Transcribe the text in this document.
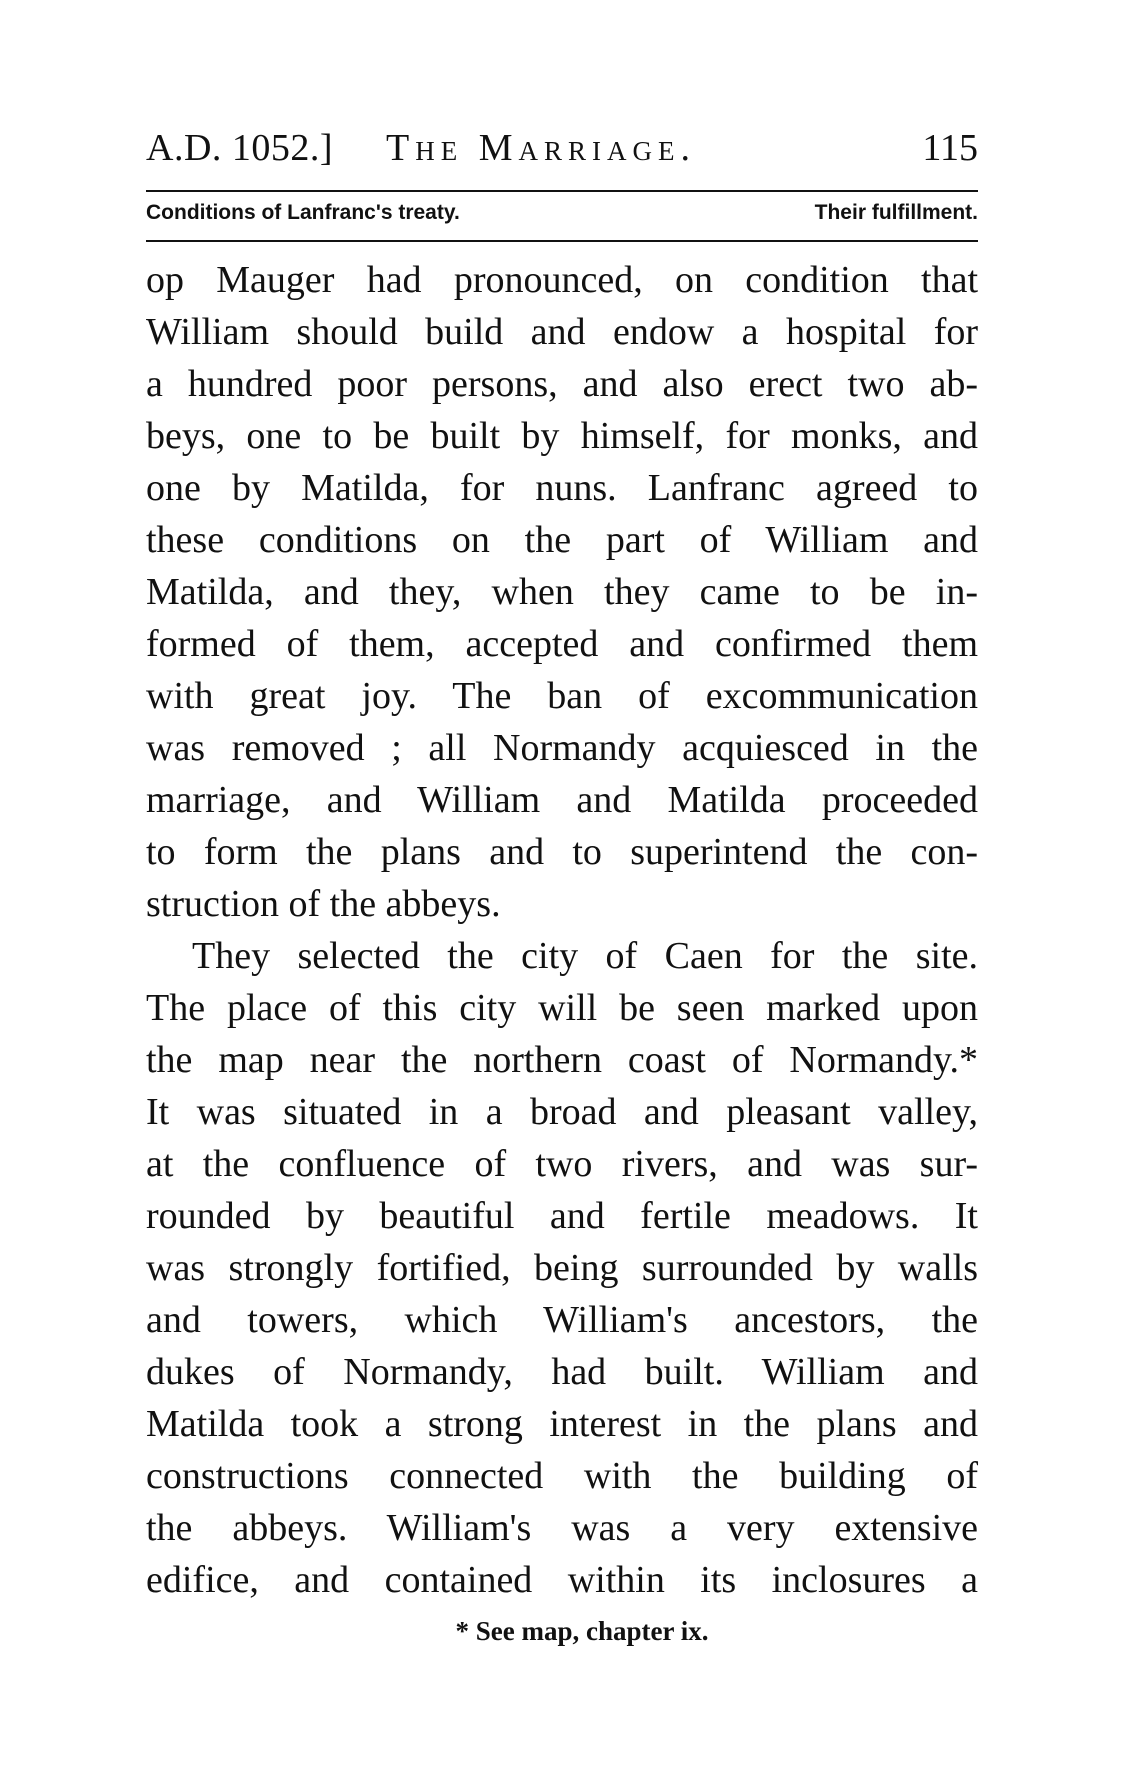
A.D. 1052.] The Marriage.	115
Conditions of Lanfranc's treaty.	Their fulfillment.
op Mauger had pronounced, on condition that
William should build and endow a hospital for
a hundred poor persons, and also erect two ab-
beys, one to be built by himself, for monks, and
one by Matilda, for nuns. Lanfranc agreed to
these conditions on the part of William and
Matilda, and they, when they came to be in-
formed of them, accepted and confirmed them
with great joy. The ban of excommunication
was removed ; all Normandy acquiesced in the
marriage, and William and Matilda proceeded
to form the plans and to superintend the con-
struction of the abbeys.
They selected the city of Caen for the site.
The place of this city will be seen marked upon
the map near the northern coast of Normandy.*
It was situated in a broad and pleasant valley,
at the confluence of two rivers, and was sur-
rounded by beautiful and fertile meadows. It
was strongly fortified, being surrounded by walls
and towers, which William's ancestors, the
dukes of Normandy, had built. William and
Matilda took a strong interest in the plans and
constructions connected with the building of
the abbeys. William's was a very extensive
edifice, and contained within its inclosures a
* See map, chapter ix.
